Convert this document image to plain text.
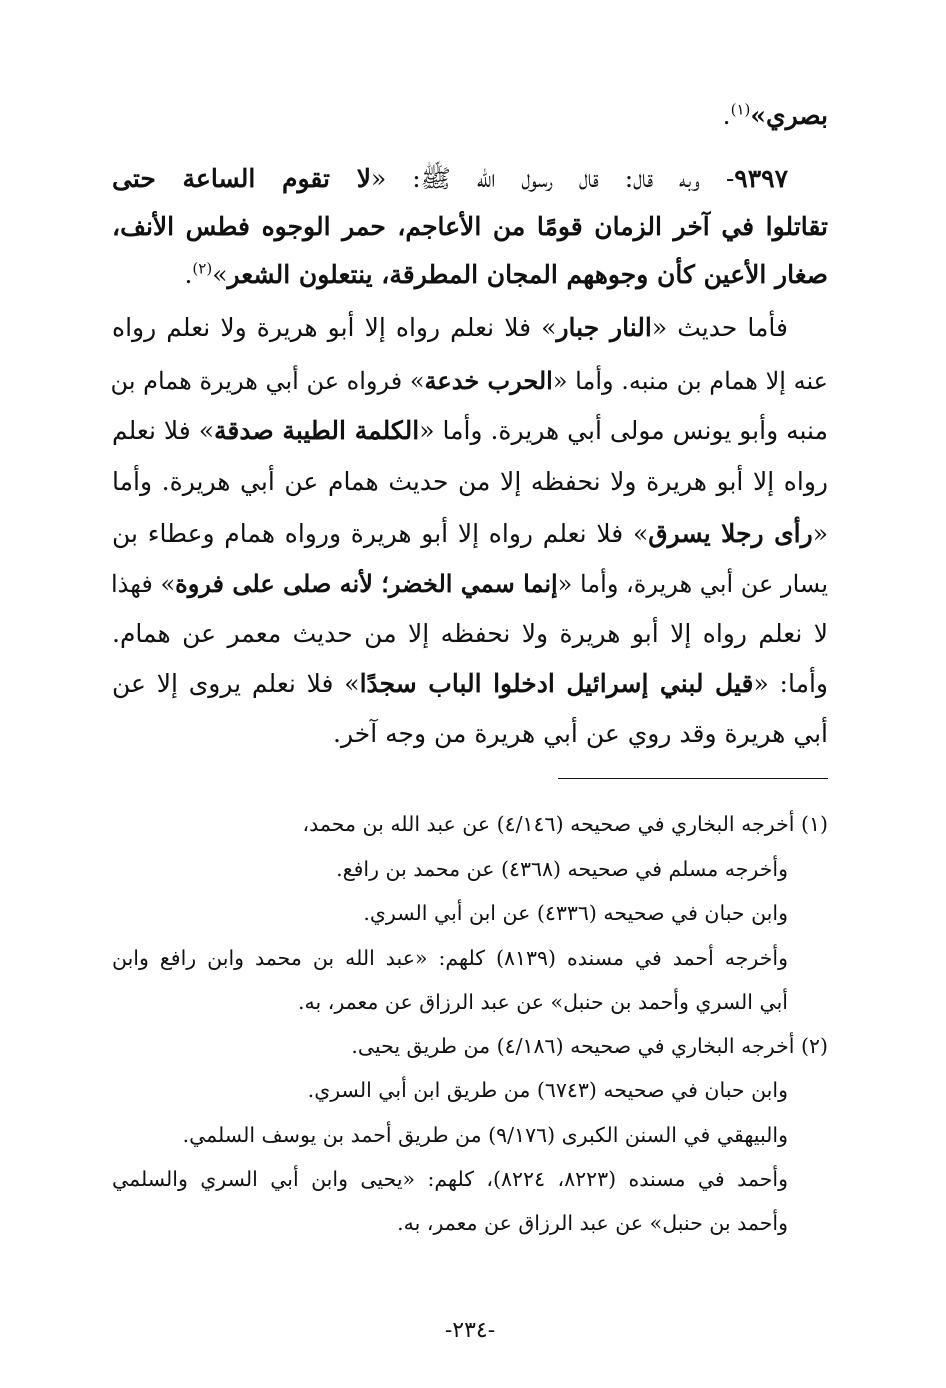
بصري»$^{(١)}$.
٩٣٩٧- وبه قال: قال رسول الله ﷺ: «لا تقوم الساعة حتى
تقاتلوا في آخر الزمان قومًا من الأعاجم، حمر الوجوه فطس الأنف،
صغار الأعين كأن وجوههم المجان المطرقة، ينتعلون الشعر»$^{(٢)}$.
فأما حديث «النار جبار» فلا نعلم رواه إلا أبو هريرة ولا نعلم رواه
عنه إلا همام بن منبه. وأما «الحرب خدعة» فرواه عن أبي هريرة همام بن
منبه وأبو يونس مولى أبي هريرة. وأما «الكلمة الطيبة صدقة» فلا نعلم
رواه إلا أبو هريرة ولا نحفظه إلا من حديث همام عن أبي هريرة. وأما
«رأى رجلا يسرق» فلا نعلم رواه إلا أبو هريرة ورواه همام وعطاء بن
يسار عن أبي هريرة، وأما «إنما سمي الخضر؛ لأنه صلى على فروة» فهذا
لا نعلم رواه إلا أبو هريرة ولا نحفظه إلا من حديث معمر عن همام.
وأما: «قيل لبني إسرائيل ادخلوا الباب سجدًا» فلا نعلم يروى إلا عن
أبي هريرة وقد روي عن أبي هريرة من وجه آخر.
(١) أخرجه البخاري في صحيحه (٤/١٤٦) عن عبد الله بن محمد،
وأخرجه مسلم في صحيحه (٤٣٦٨) عن محمد بن رافع.
وابن حبان في صحيحه (٤٣٣٦) عن ابن أبي السري.
وأخرجه أحمد في مسنده (٨١٣٩) كلهم: «عبد الله بن محمد وابن رافع وابن
أبي السري وأحمد بن حنبل» عن عبد الرزاق عن معمر، به.
(٢) أخرجه البخاري في صحيحه (٤/١٨٦) من طريق يحيى.
وابن حبان في صحيحه (٦٧٤٣) من طريق ابن أبي السري.
والبيهقي في السنن الكبرى (٩/١٧٦) من طريق أحمد بن يوسف السلمي.
وأحمد في مسنده (٨٢٢٣، ٨٢٢٤)، كلهم: «يحيى وابن أبي السري والسلمي
وأحمد بن حنبل» عن عبد الرزاق عن معمر، به.
-٢٣٤-
